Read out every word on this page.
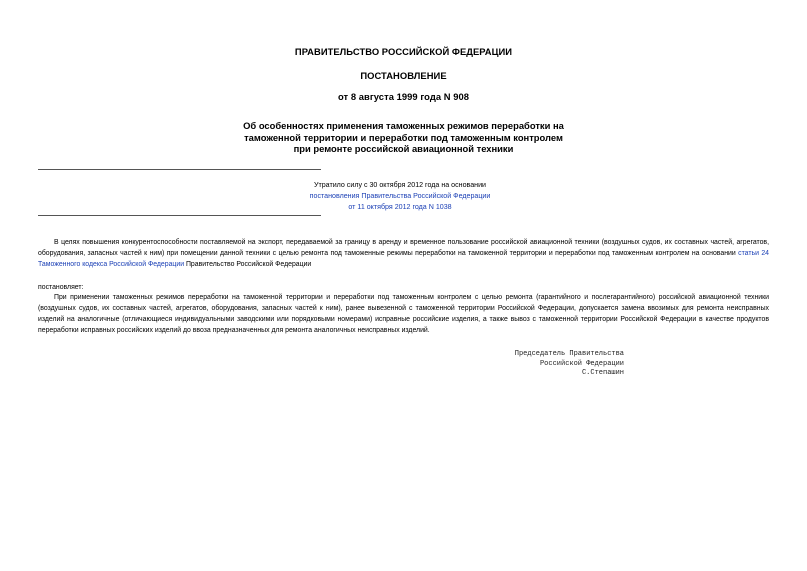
ПРАВИТЕЛЬСТВО РОССИЙСКОЙ ФЕДЕРАЦИИ
ПОСТАНОВЛЕНИЕ
от 8 августа 1999 года N 908
Об особенностях применения таможенных режимов переработки на
таможенной территории и переработки под таможенным контролем
при ремонте российской авиационной техники
Утратило силу с 30 октября 2012 года на основании
постановления Правительства Российской Федерации
от 11 октября 2012 года N 1038
В целях повышения конкурентоспособности поставляемой на экспорт, передаваемой за границу в аренду и временное пользование российской авиационной техники (воздушных судов, их составных частей, агрегатов, оборудования, запасных частей к ним) при помещении данной техники с целью ремонта под таможенные режимы переработки на таможенной территории и переработки под таможенным контролем на основании статьи 24 Таможенного кодекса Российской Федерации Правительство Российской Федерации
постановляет:
При применении таможенных режимов переработки на таможенной территории и переработки под таможенным контролем с целью ремонта (гарантийного и послегарантийного) российской авиационной техники (воздушных судов, их составных частей, агрегатов, оборудования, запасных частей к ним), ранее вывезенной с таможенной территории Российской Федерации, допускается замена ввозимых для ремонта неисправных изделий на аналогичные (отличающиеся индивидуальными заводскими или порядковыми номерами) исправные российские изделия, а также вывоз с таможенной территории Российской Федерации в качестве продуктов переработки исправных российских изделий до ввоза предназначенных для ремонта аналогичных неисправных изделий.
Председатель Правительства
Российской Федерации
С.Степашин
